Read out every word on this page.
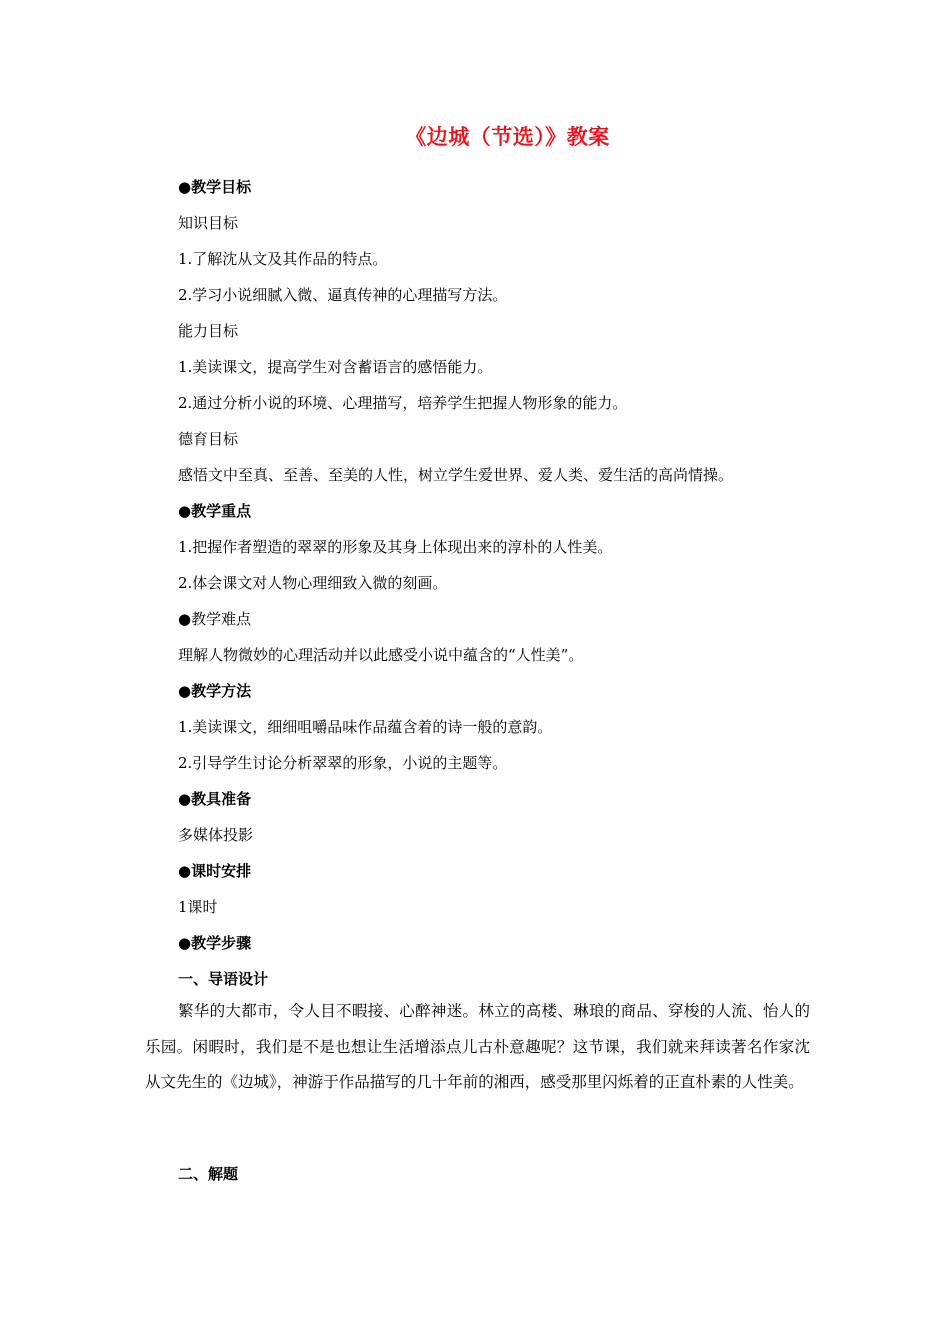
《边城（节选）》教案
●教学目标
知识目标
1.了解沈从文及其作品的特点。
2.学习小说细腻入微、逼真传神的心理描写方法。
能力目标
1.美读课文，提高学生对含蓄语言的感悟能力。
2.通过分析小说的环境、心理描写，培养学生把握人物形象的能力。
德育目标
感悟文中至真、至善、至美的人性，树立学生爱世界、爱人类、爱生活的高尚情操。
●教学重点
1.把握作者塑造的翠翠的形象及其身上体现出来的淳朴的人性美。
2.体会课文对人物心理细致入微的刻画。
●教学难点
理解人物微妙的心理活动并以此感受小说中蕴含的“人性美”。
●教学方法
1.美读课文，细细咀嚼品味作品蕴含着的诗一般的意韵。
2.引导学生讨论分析翠翠的形象，小说的主题等。
●教具准备
多媒体投影
●课时安排
1课时
●教学步骤
一、导语设计
繁华的大都市，令人目不暇接、心醉神迷。林立的高楼、琳琅的商品、穿梭的人流、怡人的乐园。闲暇时，我们是不是也想让生活增添点儿古朴意趣呢？这节课，我们就来拜读著名作家沈从文先生的《边城》，神游于作品描写的几十年前的湘西，感受那里闪烁着的正直朴素的人性美。
二、解题
